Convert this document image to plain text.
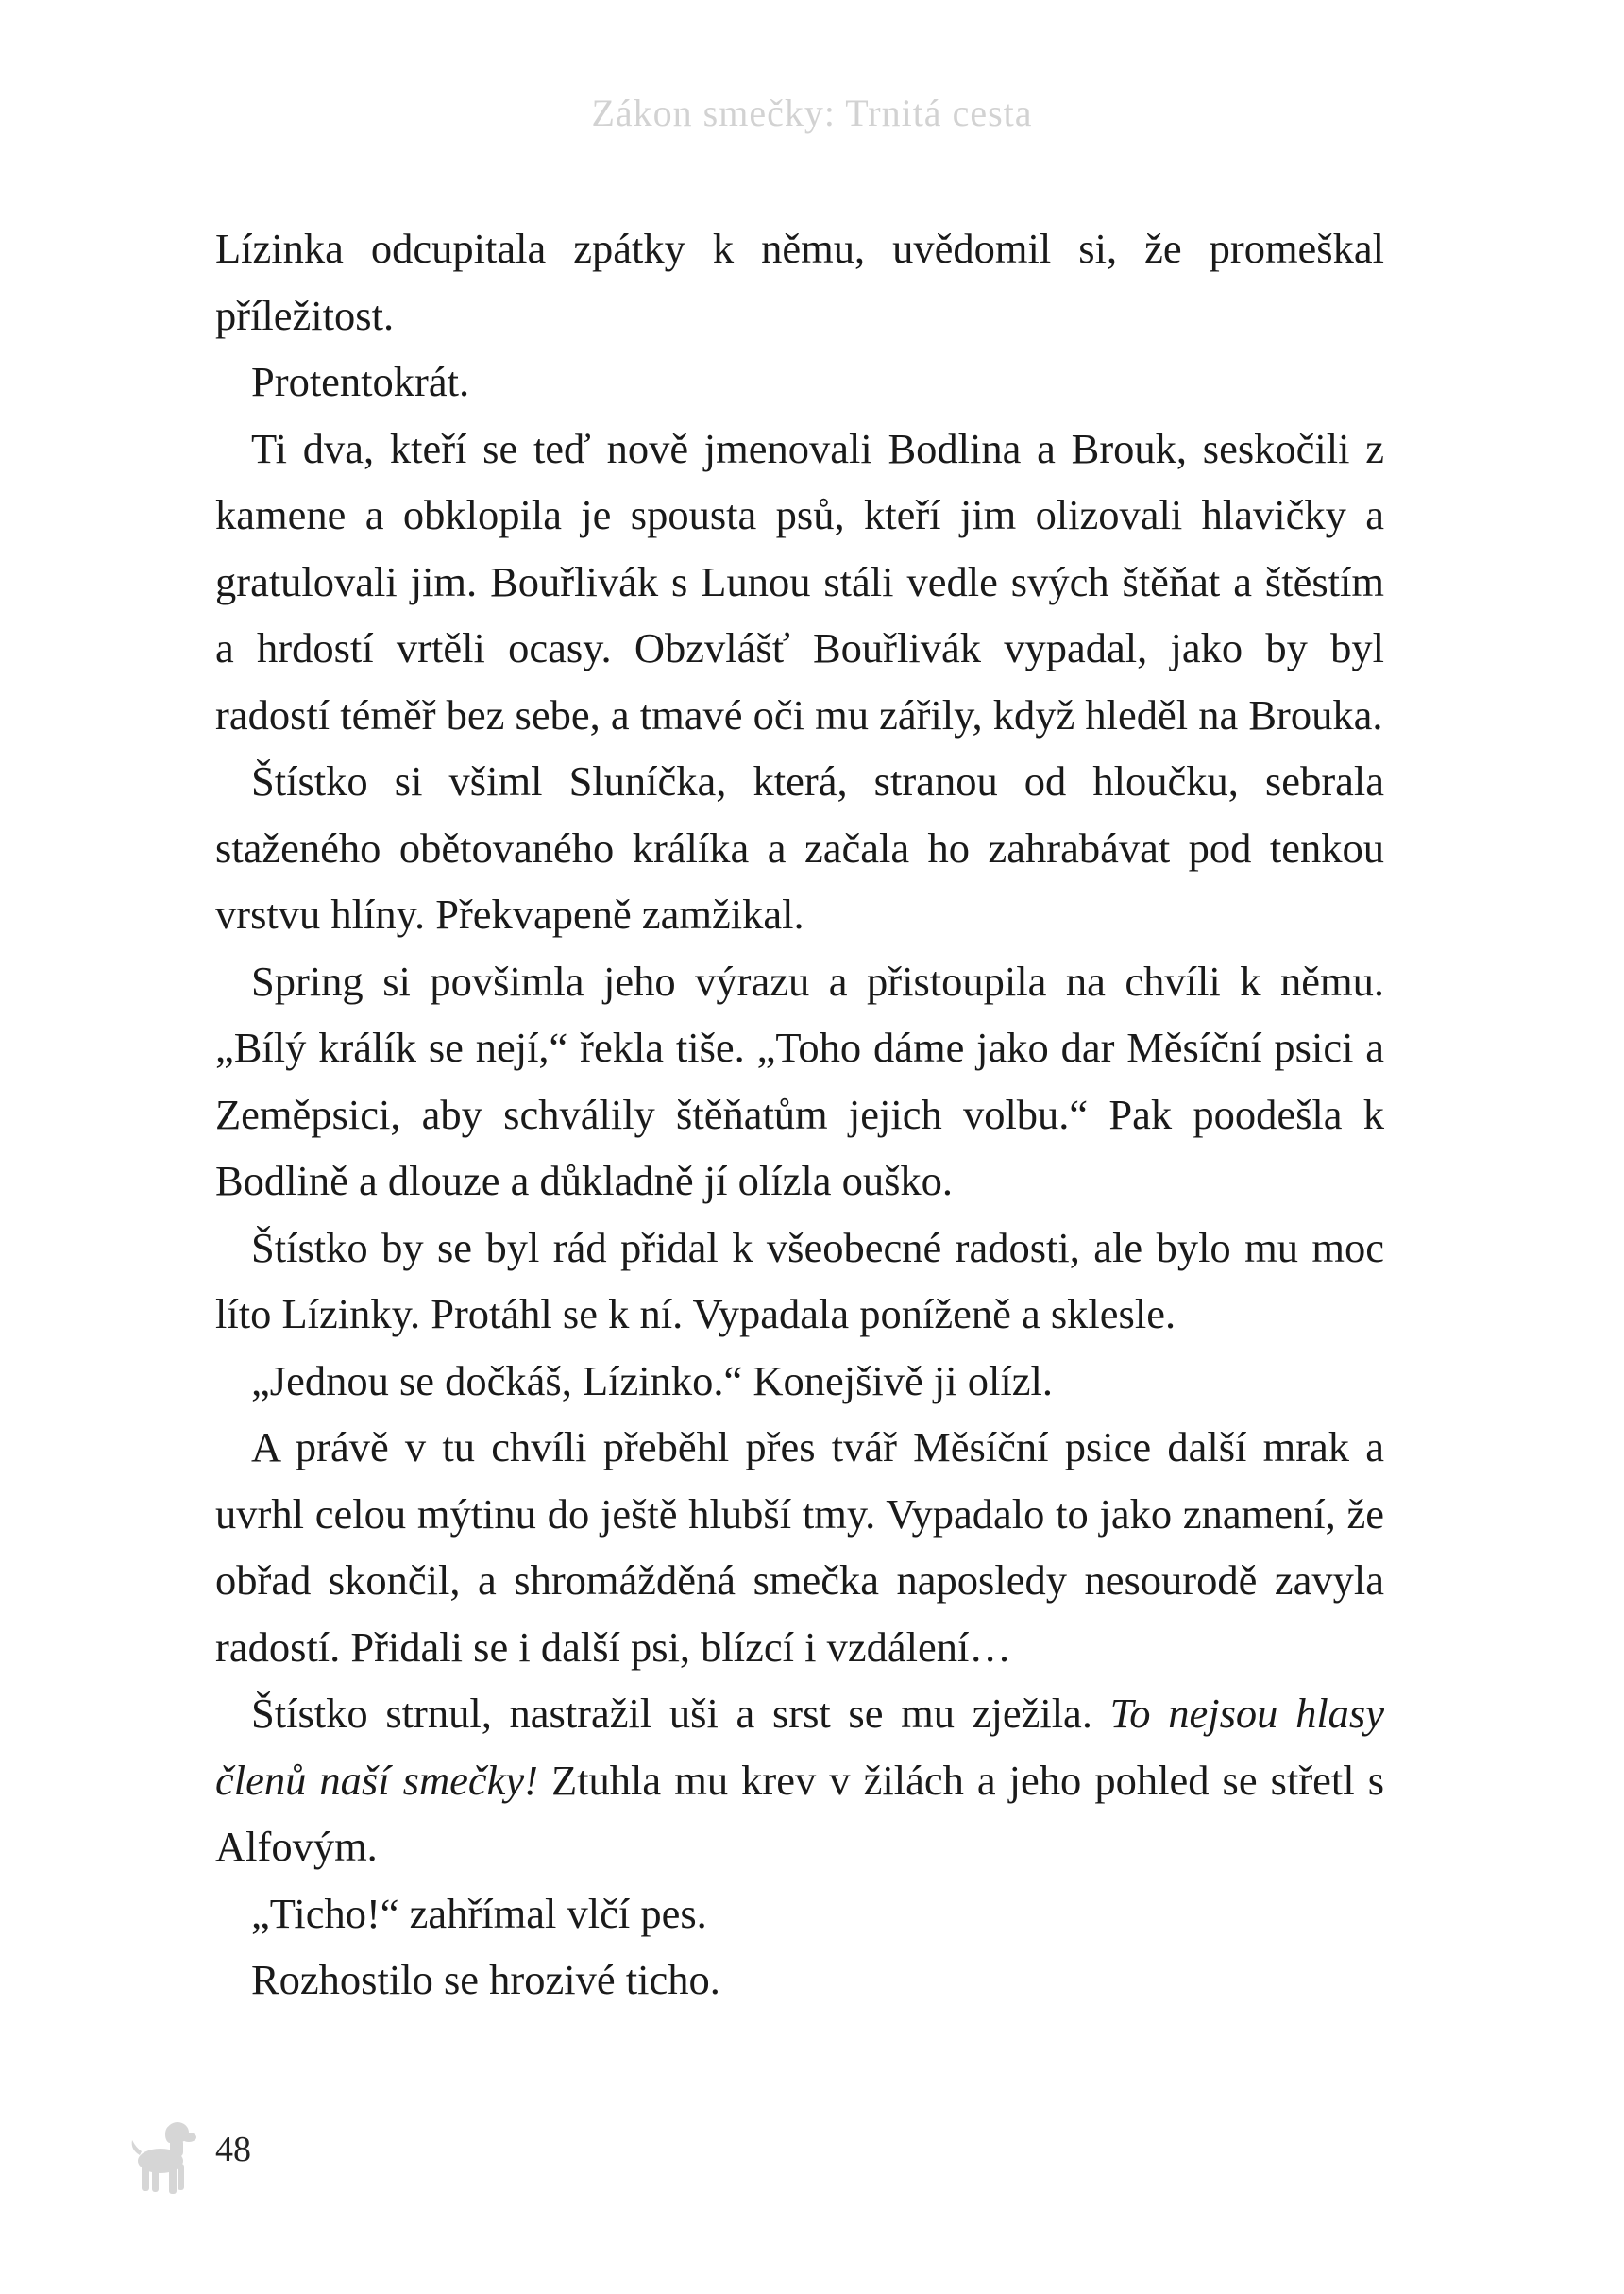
Zákon smečky: Trnitá cesta

Lízinka odcupitala zpátky k němu, uvědomil si, že promeškal příležitost.

Protentokrát.

Ti dva, kteří se teď nově jmenovali Bodlina a Brouk, seskočili z kamene a obklopila je spousta psů, kteří jim olizovali hlavičky a gratulovali jim. Bouřlivák s Lunou stáli vedle svých štěňat a štěstím a hrdostí vrtěli ocasy. Obzvlášť Bouřlivák vypadal, jako by byl radostí téměř bez sebe, a tmavé oči mu zářily, když hleděl na Brouka.

Štístko si všiml Sluníčka, která, stranou od hloučku, sebrala staženého obětovaného králíka a začala ho zahrabávat pod tenkou vrstvu hlíny. Překvapeně zamžikal.

Spring si povšimla jeho výrazu a přistoupila na chvíli k němu. „Bílý králík se nejí,“ řekla tiše. „Toho dáme jako dar Měsíční psici a Zeměpsici, aby schválily štěňatům jejich volbu.“ Pak poodešla k Bodlině a dlouze a důkladně jí olízla ouško.

Štístko by se byl rád přidal k všeobecné radosti, ale bylo mu moc líto Lízinky. Protáhl se k ní. Vypadala poníženě a sklesle.

„Jednou se dočkáš, Lízinko.“ Konejšivě ji olízl.

A právě v tu chvíli přeběhl přes tvář Měsíční psice další mrak a uvrhl celou mýtinu do ještě hlubší tmy. Vypadalo to jako znamení, že obřad skončil, a shromážděná smečka naposledy nesourodě zavyla radostí. Přidali se i další psi, blízcí i vzdálení…

Štístko strnul, nastražil uši a srst se mu zježila. To nejsou hlasy členů naší smečky! Ztuhla mu krev v žilách a jeho pohled se střetl s Alfovým.

„Ticho!“ zahřímal vlčí pes.

Rozhostilo se hrozivé ticho.

48
